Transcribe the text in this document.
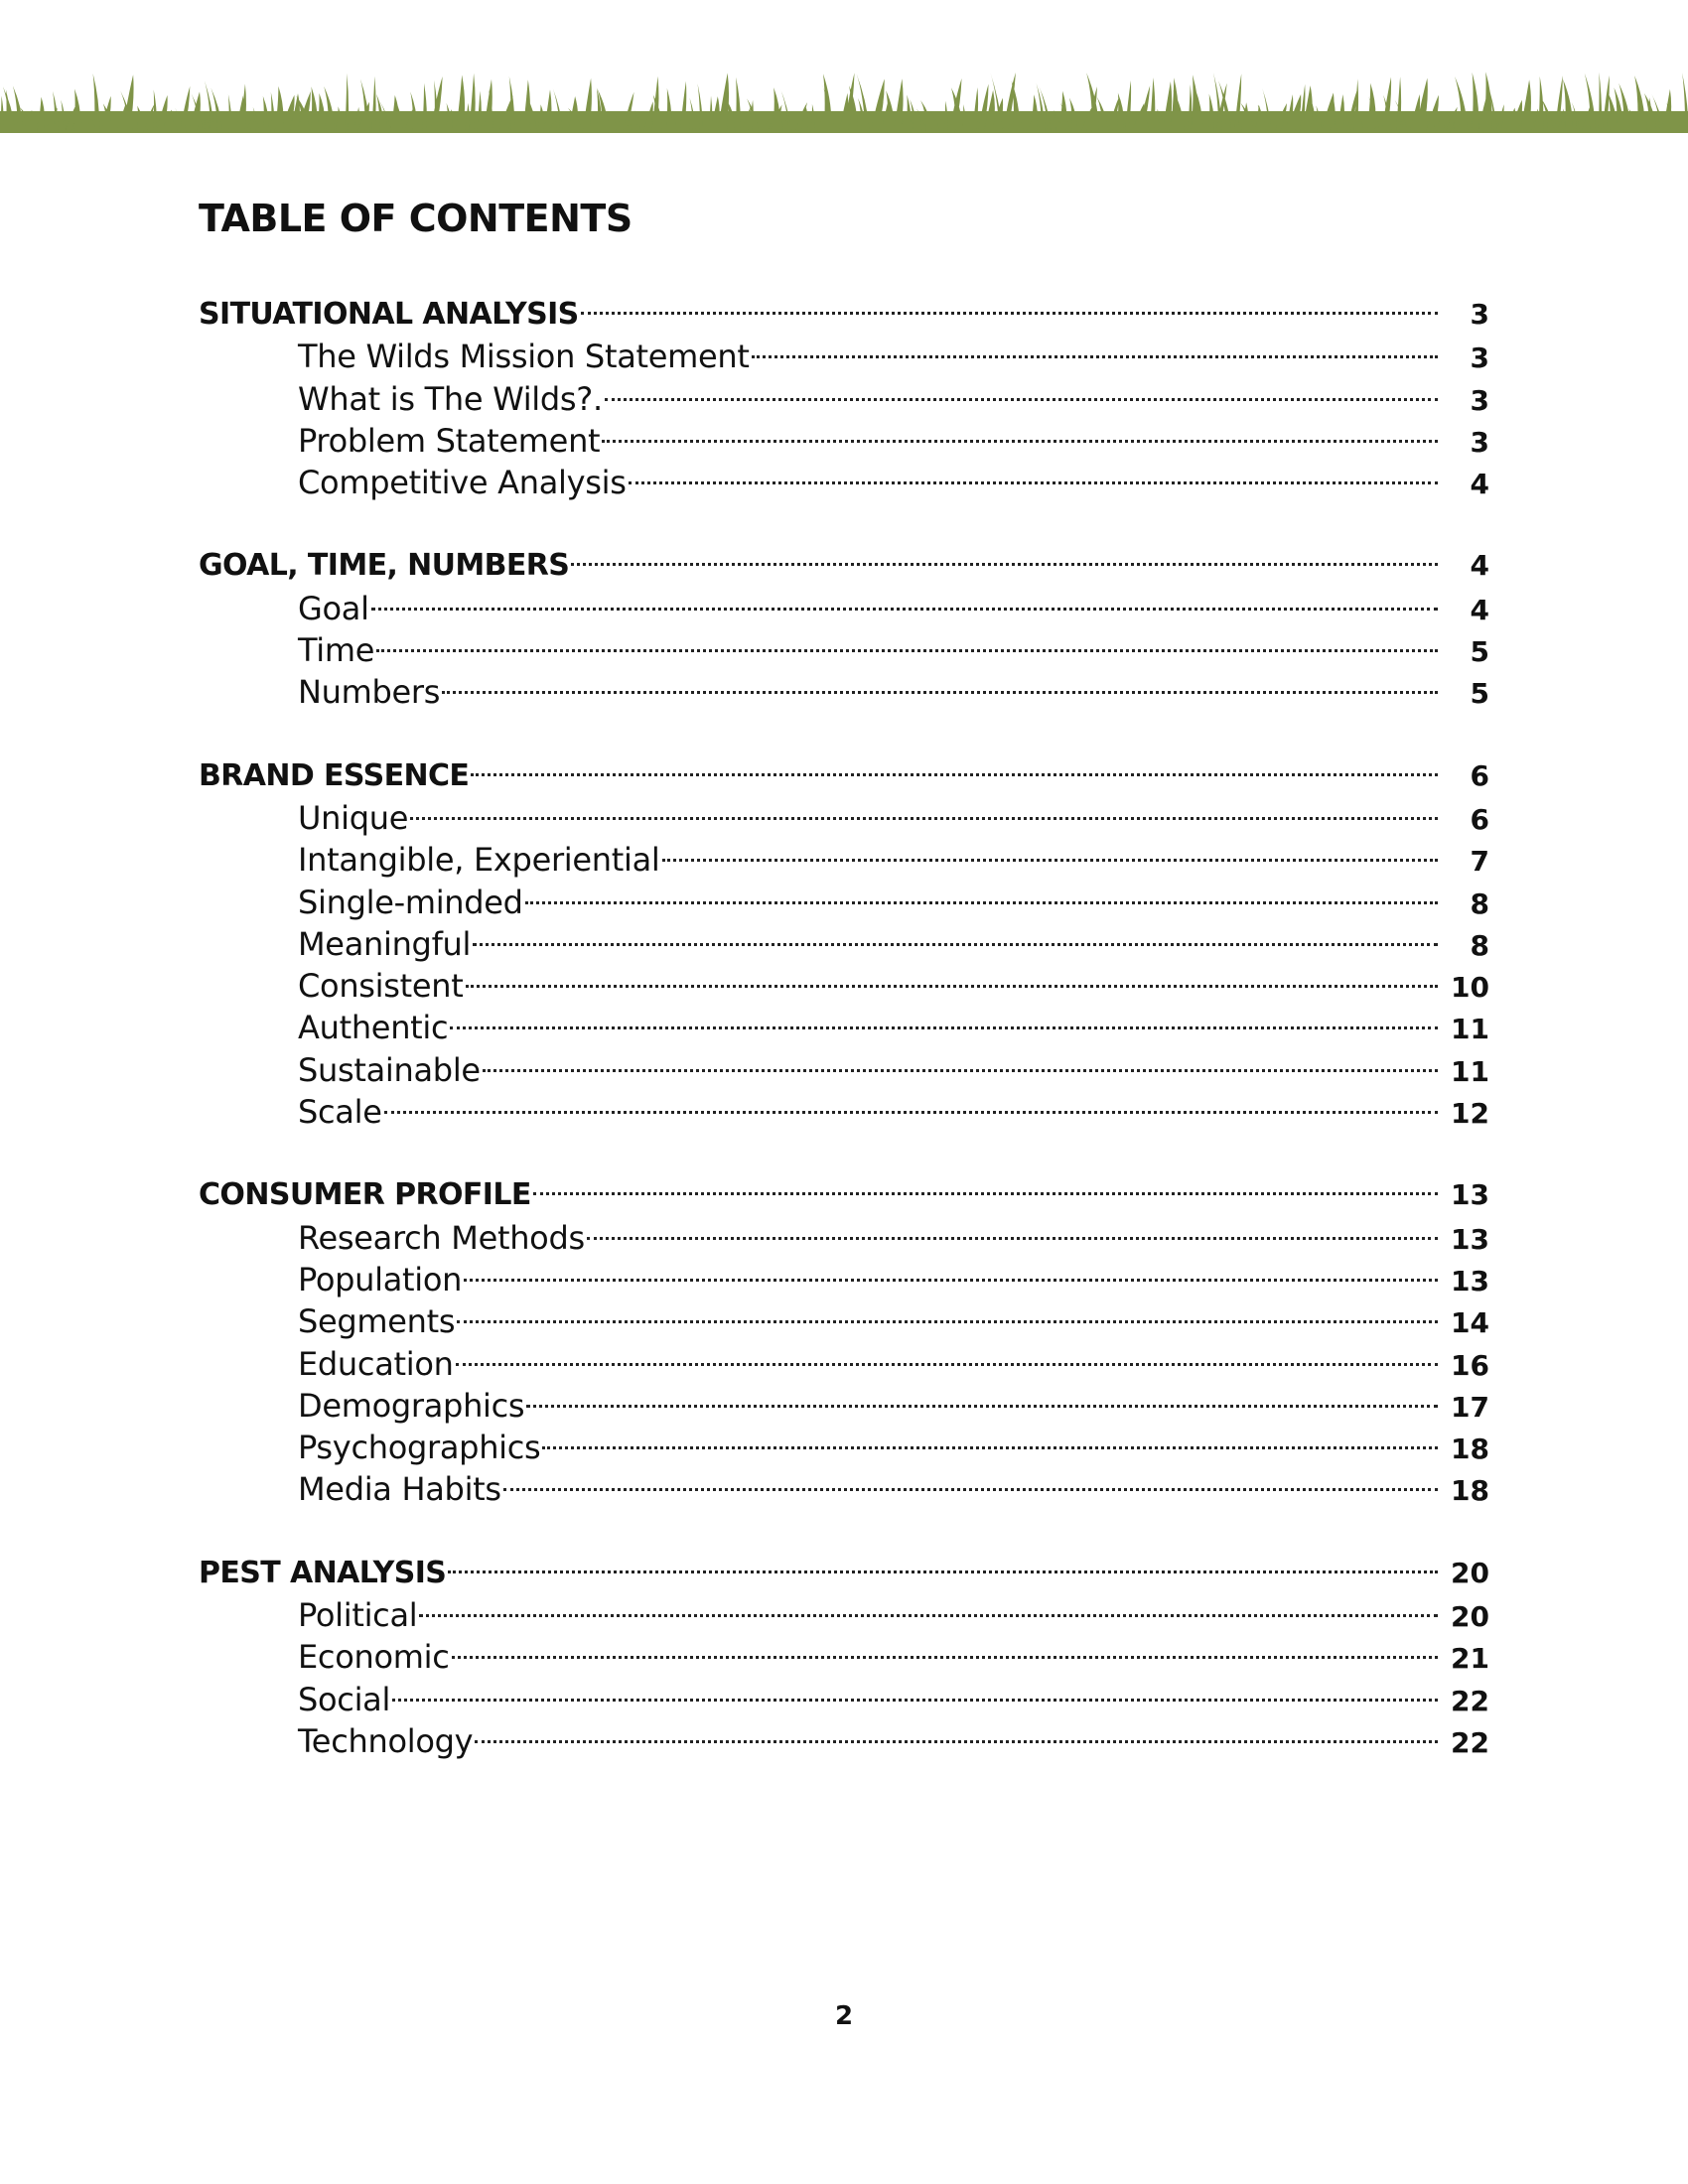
TABLE OF CONTENTS
SITUATIONAL ANALYSIS	3
The Wilds Mission Statement	3
What is The Wilds?.	3
Problem Statement	3
Competitive Analysis	4
GOAL, TIME, NUMBERS	4
Goal	4
Time	5
Numbers	5
BRAND ESSENCE	6
Unique	6
Intangible, Experiential	7
Single-minded	8
Meaningful	8
Consistent	10
Authentic	11
Sustainable	11
Scale	12
CONSUMER PROFILE	13
Research Methods	13
Population	13
Segments	14
Education	16
Demographics	17
Psychographics	18
Media Habits	18
PEST ANALYSIS	20
Political	20
Economic	21
Social	22
Technology	22
2
